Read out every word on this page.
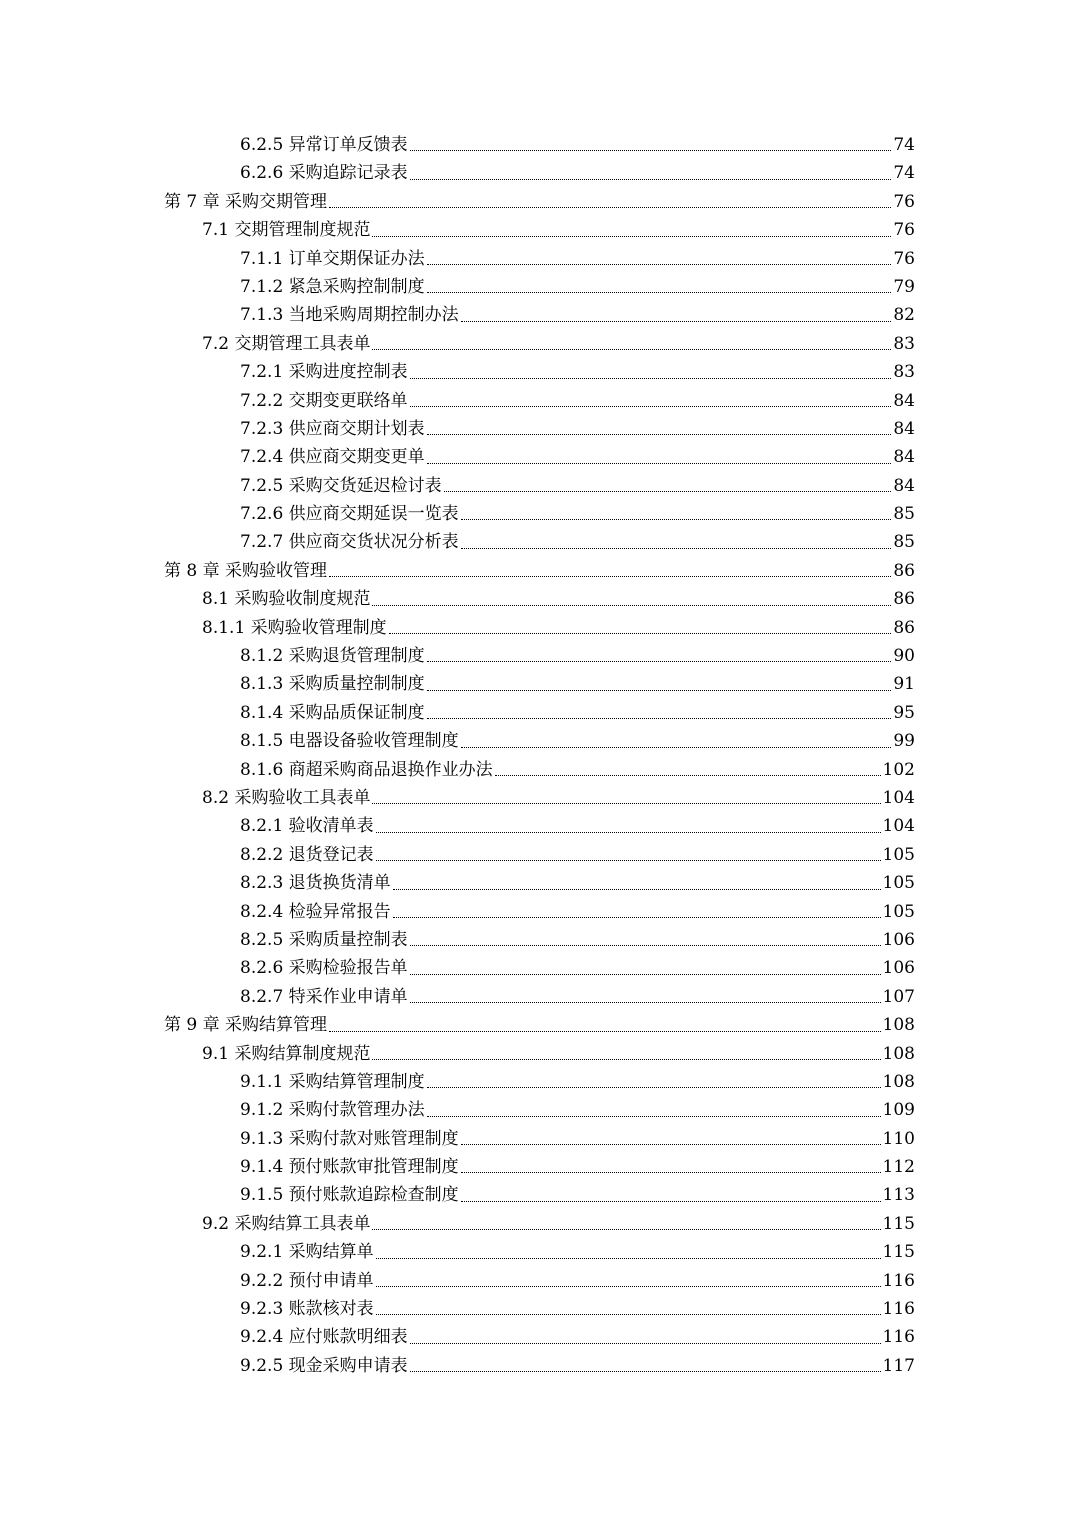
6.2.5 异常订单反馈表	74
6.2.6 采购追踪记录表	74
第 7 章 采购交期管理	76
7.1 交期管理制度规范	76
7.1.1 订单交期保证办法	76
7.1.2 紧急采购控制制度	79
7.1.3 当地采购周期控制办法	82
7.2 交期管理工具表单	83
7.2.1 采购进度控制表	83
7.2.2 交期变更联络单	84
7.2.3 供应商交期计划表	84
7.2.4 供应商交期变更单	84
7.2.5 采购交货延迟检讨表	84
7.2.6 供应商交期延误一览表	85
7.2.7 供应商交货状况分析表	85
第 8 章 采购验收管理	86
8.1 采购验收制度规范	86
8.1.1 采购验收管理制度	86
8.1.2 采购退货管理制度	90
8.1.3 采购质量控制制度	91
8.1.4 采购品质保证制度	95
8.1.5 电器设备验收管理制度	99
8.1.6 商超采购商品退换作业办法	102
8.2 采购验收工具表单	104
8.2.1 验收清单表	104
8.2.2 退货登记表	105
8.2.3 退货换货清单	105
8.2.4 检验异常报告	105
8.2.5 采购质量控制表	106
8.2.6 采购检验报告单	106
8.2.7 特采作业申请单	107
第 9 章 采购结算管理	108
9.1 采购结算制度规范	108
9.1.1 采购结算管理制度	108
9.1.2 采购付款管理办法	109
9.1.3 采购付款对账管理制度	110
9.1.4 预付账款审批管理制度	112
9.1.5 预付账款追踪检查制度	113
9.2 采购结算工具表单	115
9.2.1 采购结算单	115
9.2.2 预付申请单	116
9.2.3 账款核对表	116
9.2.4 应付账款明细表	116
9.2.5 现金采购申请表	117
